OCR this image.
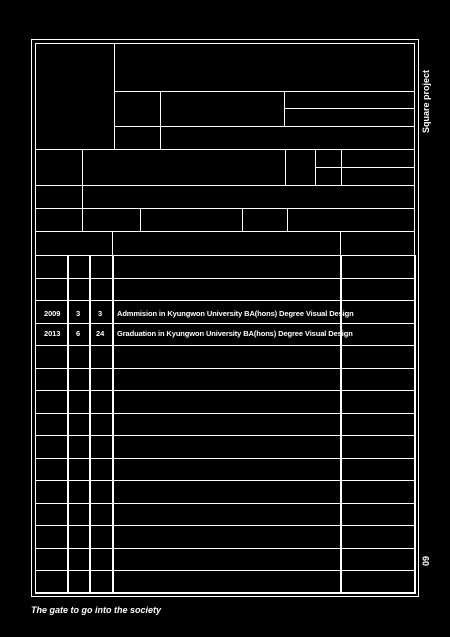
2009 3 3 Admmision in Kyungwon University BA(hons) Degree Visual Design
2013 6 24 Graduation in Kyungwon University BA(hons) Degree Visual Design
Square project
09
The gate to go into the society
